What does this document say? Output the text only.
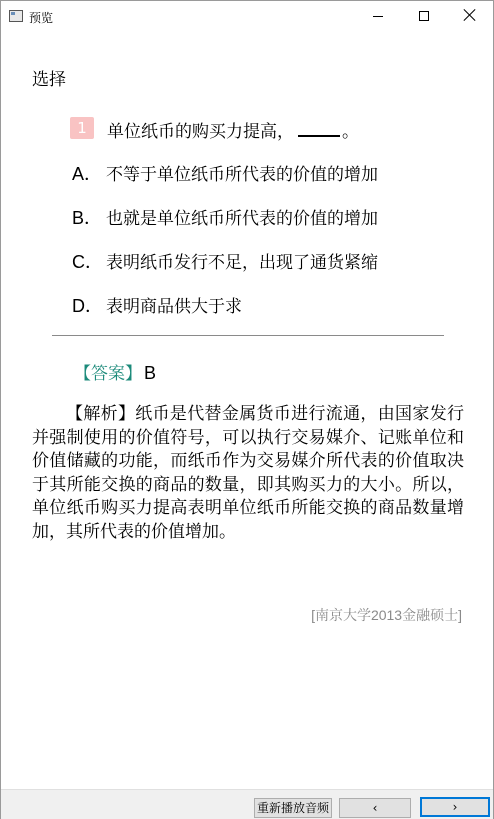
预览
选择
1	单位纸币的购买力提高，	。
A． 不等于单位纸币所代表的价值的增加
B． 也就是单位纸币所代表的价值的增加
C． 表明纸币发行不足，出现了通货紧缩
D． 表明商品供大于求
【答案】 B
【解析】纸币是代替金属货币进行流通，由国家发行并强制使用的价值符号，可以执行交易媒介、记账单位和价值储藏的功能，而纸币作为交易媒介所代表的价值取决于其所能交换的商品的数量，即其购买力的大小。所以，单位纸币购买力提高表明单位纸币所能交换的商品数量增加，其所代表的价值增加。
[南京大学2013金融硕士]
重新播放音频	‹	›
